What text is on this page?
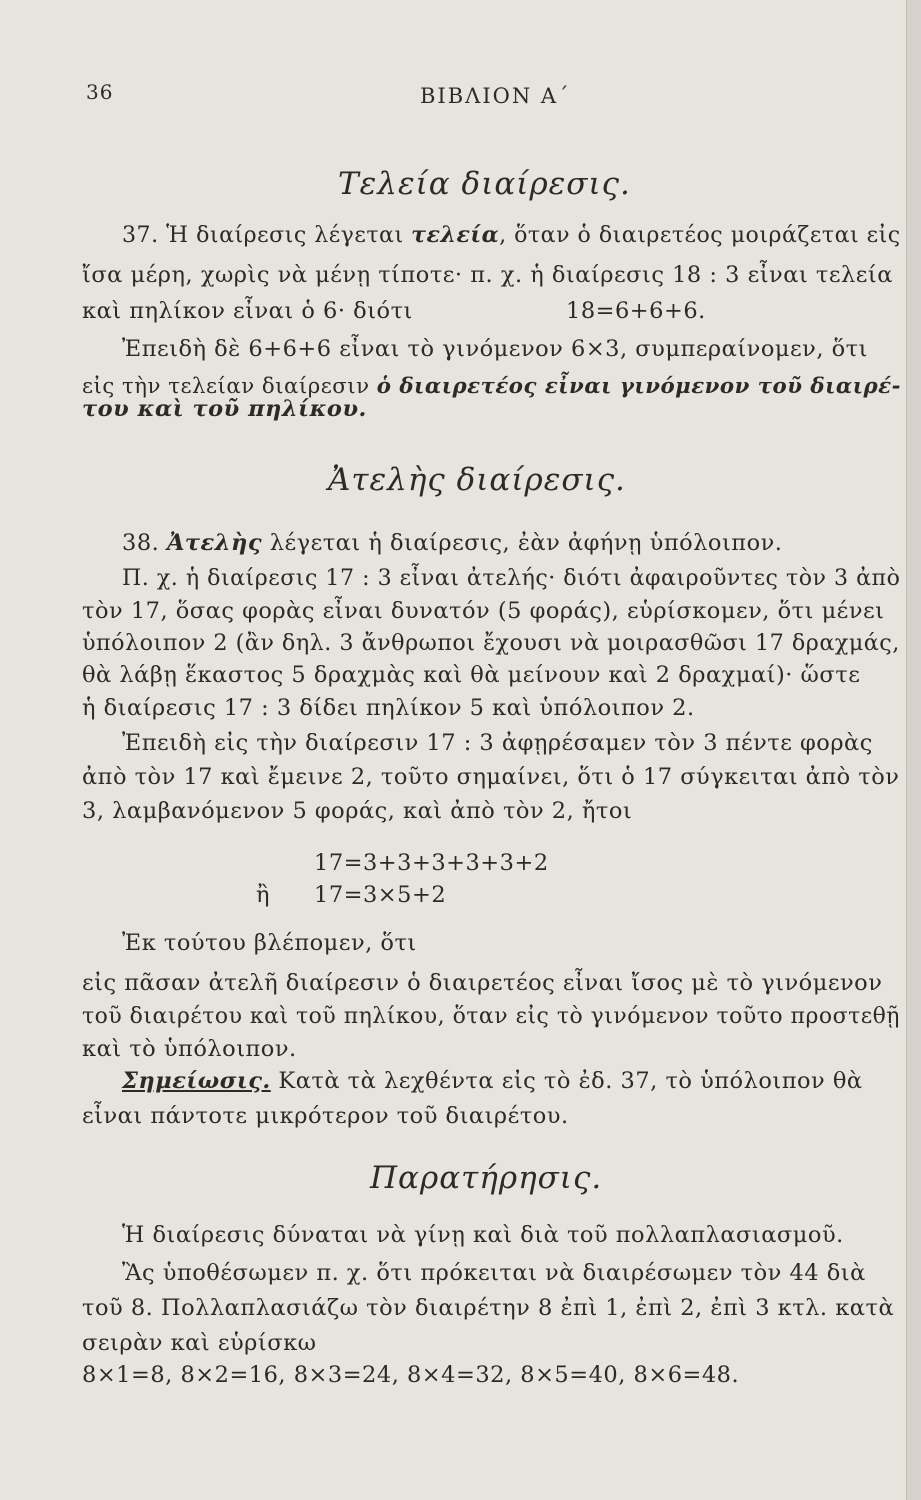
36	ΒΙΒΛΙΟΝ Α΄
Τελεία διαίρεσις.
37. Ἡ διαίρεσις λέγεται τελεία, ὅταν ὁ διαιρετέος μοιράζεται εἰς
ἴσα μέρη, χωρὶς νὰ μένῃ τίποτε· π. χ. ἡ διαίρεσις 18 : 3 εἶναι τελεία
καὶ πηλίκον εἶναι ὁ 6· διότι	18=6+6+6.
Ἐπειδὴ δὲ 6+6+6 εἶναι τὸ γινόμενον 6×3, συμπεραίνομεν, ὅτι
εἰς τὴν τελείαν διαίρεσιν ὁ διαιρετέος εἶναι γινόμενον τοῦ διαιρέ-
του καὶ τοῦ πηλίκου.
Ἀτελὴς διαίρεσις.
38. Ἀτελὴς λέγεται ἡ διαίρεσις, ἐὰν ἀφήνῃ ὑπόλοιπον.
Π. χ. ἡ διαίρεσις 17 : 3 εἶναι ἀτελής· διότι ἀφαιροῦντες τὸν 3 ἀπὸ
τὸν 17, ὅσας φορὰς εἶναι δυνατόν (5 φοράς), εὑρίσκομεν, ὅτι μένει
ὑπόλοιπον 2 (ἂν δηλ. 3 ἄνθρωποι ἔχουσι νὰ μοιρασθῶσι 17 δραχμάς,
θὰ λάβῃ ἕκαστος 5 δραχμὰς καὶ θὰ μείνουν καὶ 2 δραχμαί)· ὥστε
ἡ διαίρεσις 17 : 3 δίδει πηλίκον 5 καὶ ὑπόλοιπον 2.
Ἐπειδὴ εἰς τὴν διαίρεσιν 17 : 3 ἀφῃρέσαμεν τὸν 3 πέντε φορὰς
ἀπὸ τὸν 17 καὶ ἔμεινε 2, τοῦτο σημαίνει, ὅτι ὁ 17 σύγκειται ἀπὸ τὸν
3, λαμβανόμενον 5 φοράς, καὶ ἀπὸ τὸν 2, ἤτοι
17=3+3+3+3+3+2
ἢ 17=3×5+2
Ἐκ τούτου βλέπομεν, ὅτι
εἰς πᾶσαν ἀτελῆ διαίρεσιν ὁ διαιρετέος εἶναι ἴσος μὲ τὸ γινόμενον
τοῦ διαιρέτου καὶ τοῦ πηλίκου, ὅταν εἰς τὸ γινόμενον τοῦτο προστεθῇ
καὶ τὸ ὑπόλοιπον.
Σημείωσις. Κατὰ τὰ λεχθέντα εἰς τὸ ἐδ. 37, τὸ ὑπόλοιπον θὰ
εἶναι πάντοτε μικρότερον τοῦ διαιρέτου.
Παρατήρησις.
Ἡ διαίρεσις δύναται νὰ γίνῃ καὶ διὰ τοῦ πολλαπλασιασμοῦ.
Ἂς ὑποθέσωμεν π. χ. ὅτι πρόκειται νὰ διαιρέσωμεν τὸν 44 διὰ
τοῦ 8. Πολλαπλασιάζω τὸν διαιρέτην 8 ἐπὶ 1, ἐπὶ 2, ἐπὶ 3 κτλ. κατὰ
σειρὰν καὶ εὑρίσκω
8×1=8, 8×2=16, 8×3=24, 8×4=32, 8×5=40, 8×6=48.
